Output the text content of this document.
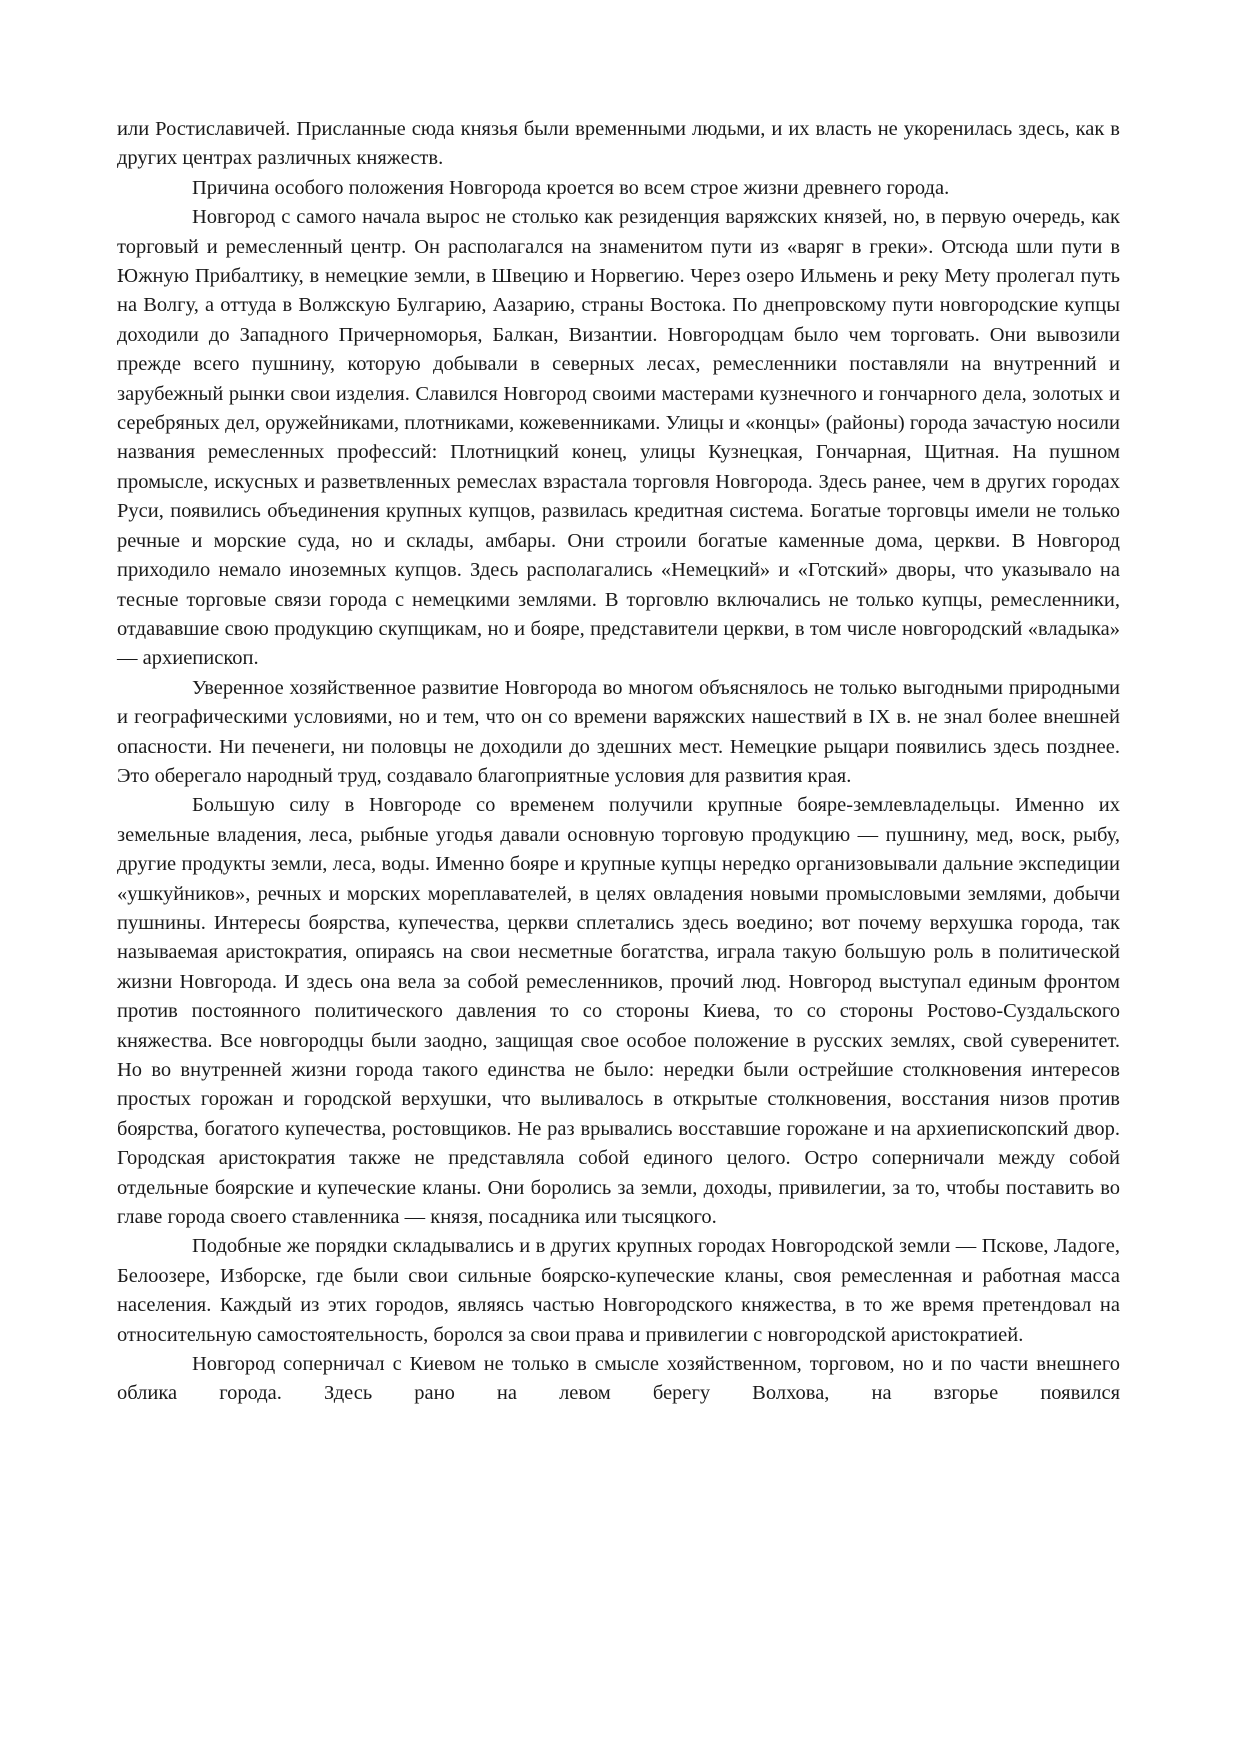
или Ростиславичей. Присланные сюда князья были временными людьми, и их власть не укоренилась здесь, как в других центрах различных княжеств.

Причина особого положения Новгорода кроется во всем строе жизни древнего города.

Новгород с самого начала вырос не столько как резиденция варяжских князей, но, в первую очередь, как торговый и ремесленный центр. Он располагался на знаменитом пути из «варяг в греки». Отсюда шли пути в Южную Прибалтику, в немецкие земли, в Швецию и Норвегию. Через озеро Ильмень и реку Мету пролегал путь на Волгу, а оттуда в Волжскую Булгарию, Аазарию, страны Востока. По днепровскому пути новгородские купцы доходили до Западного Причерноморья, Балкан, Византии. Новгородцам было чем торговать. Они вывозили прежде всего пушнину, которую добывали в северных лесах, ремесленники поставляли на внутренний и зарубежный рынки свои изделия. Славился Новгород своими мастерами кузнечного и гончарного дела, золотых и серебряных дел, оружейниками, плотниками, кожевенниками. Улицы и «концы» (районы) города зачастую носили названия ремесленных профессий: Плотницкий конец, улицы Кузнецкая, Гончарная, Щитная. На пушном промысле, искусных и разветвленных ремеслах взрастала торговля Новгорода. Здесь ранее, чем в других городах Руси, появились объединения крупных купцов, развилась кредитная система. Богатые торговцы имели не только речные и морские суда, но и склады, амбары. Они строили богатые каменные дома, церкви. В Новгород приходило немало иноземных купцов. Здесь располагались «Немецкий» и «Готский» дворы, что указывало на тесные торговые связи города с немецкими землями. В торговлю включались не только купцы, ремесленники, отдававшие свою продукцию скупщикам, но и бояре, представители церкви, в том числе новгородский «владыка» — архиепископ.

Уверенное хозяйственное развитие Новгорода во многом объяснялось не только выгодными природными и географическими условиями, но и тем, что он со времени варяжских нашествий в IX в. не знал более внешней опасности. Ни печенеги, ни половцы не доходили до здешних мест. Немецкие рыцари появились здесь позднее. Это оберегало народный труд, создавало благоприятные условия для развития края.

Большую силу в Новгороде со временем получили крупные бояре-землевладельцы. Именно их земельные владения, леса, рыбные угодья давали основную торговую продукцию — пушнину, мед, воск, рыбу, другие продукты земли, леса, воды. Именно бояре и крупные купцы нередко организовывали дальние экспедиции «ушкуйников», речных и морских мореплавателей, в целях овладения новыми промысловыми землями, добычи пушнины. Интересы боярства, купечества, церкви сплетались здесь воедино; вот почему верхушка города, так называемая аристократия, опираясь на свои несметные богатства, играла такую большую роль в политической жизни Новгорода. И здесь она вела за собой ремесленников, прочий люд. Новгород выступал единым фронтом против постоянного политического давления то со стороны Киева, то со стороны Ростово-Суздальского княжества. Все новгородцы были заодно, защищая свое особое положение в русских землях, свой суверенитет. Но во внутренней жизни города такого единства не было: нередки были острейшие столкновения интересов простых горожан и городской верхушки, что выливалось в открытые столкновения, восстания низов против боярства, богатого купечества, ростовщиков. Не раз врывались восставшие горожане и на архиепископский двор. Городская аристократия также не представляла собой единого целого. Остро соперничали между собой отдельные боярские и купеческие кланы. Они боролись за земли, доходы, привилегии, за то, чтобы поставить во главе города своего ставленника — князя, посадника или тысяцкого.

Подобные же порядки складывались и в других крупных городах Новгородской земли — Пскове, Ладоге, Белоозере, Изборске, где были свои сильные боярско-купеческие кланы, своя ремесленная и работная масса населения. Каждый из этих городов, являясь частью Новгородского княжества, в то же время претендовал на относительную самостоятельность, боролся за свои права и привилегии с новгородской аристократией.

Новгород соперничал с Киевом не только в смысле хозяйственном, торговом, но и по части внешнего облика города. Здесь рано на левом берегу Волхова, на взгорье появился
